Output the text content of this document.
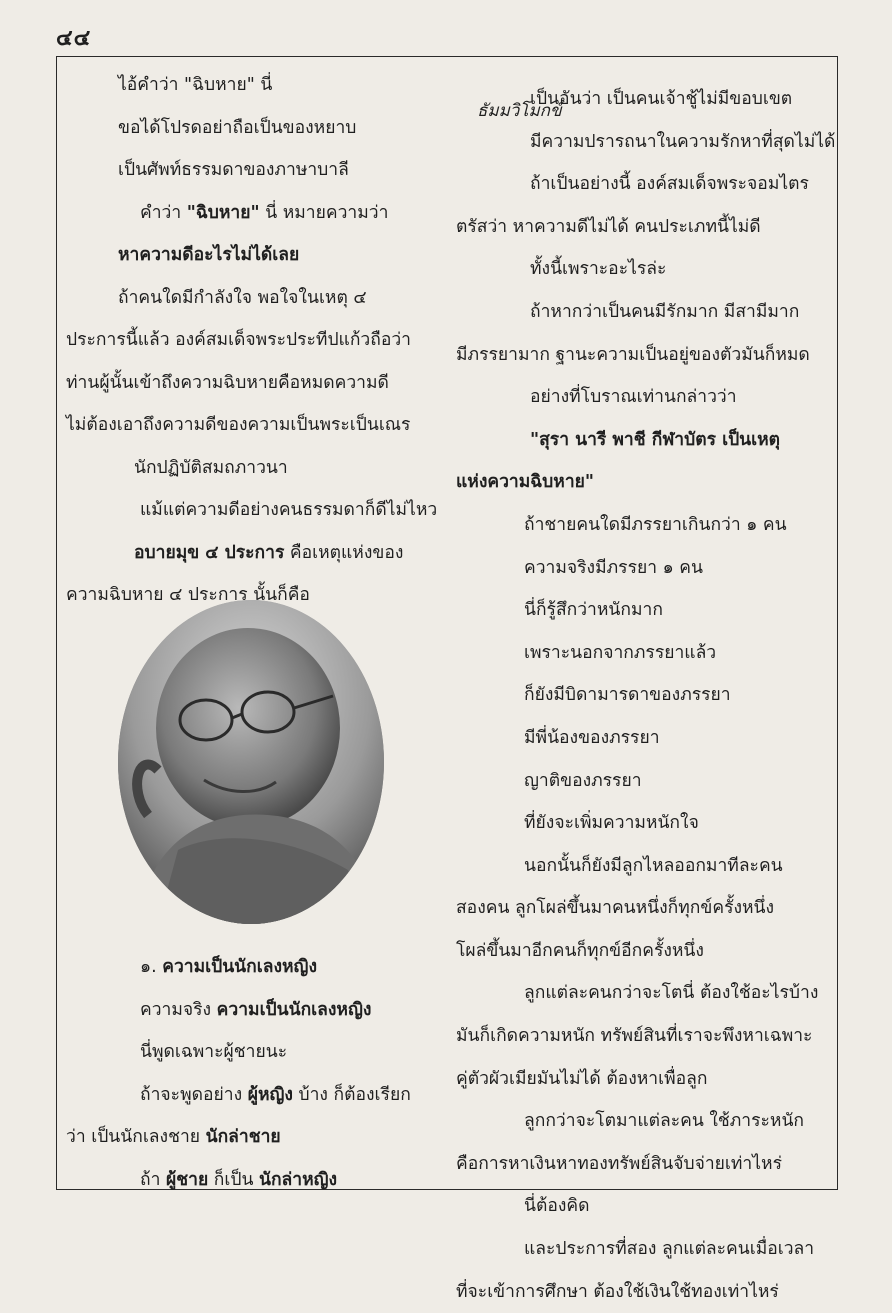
๔๔
ธัมมวิโมกข์
ไอ้คำว่า "ฉิบหาย" นี่
ขอได้โปรดอย่าถือเป็นของหยาบ
เป็นศัพท์ธรรมดาของภาษาบาลี
คำว่า "ฉิบหาย" นี่ หมายความว่า
หาความดีอะไรไม่ได้เลย
ถ้าคนใดมีกำลังใจ พอใจในเหตุ ๔
ประการนี้แล้ว องค์สมเด็จพระประทีปแก้วถือว่า
ท่านผู้นั้นเข้าถึงความฉิบหายคือหมดความดี
ไม่ต้องเอาถึงความดีของความเป็นพระเป็นเณร
นักปฏิบัติสมถภาวนา
แม้แต่ความดีอย่างคนธรรมดาก็ดีไม่ไหว
อบายมุข ๔ ประการ คือเหตุแห่งของ
ความฉิบหาย ๔ ประการ นั้นก็คือ
๑. ความเป็นนักเลงหญิง
ความจริง ความเป็นนักเลงหญิง
นี่พูดเฉพาะผู้ชายนะ
ถ้าจะพูดอย่าง ผู้หญิง บ้าง ก็ต้องเรียก
ว่า เป็นนักเลงชาย นักล่าชาย
ถ้า ผู้ชาย ก็เป็น นักล่าหญิง
เป็นอันว่า เป็นคนเจ้าชู้ไม่มีขอบเขต
มีความปรารถนาในความรักหาที่สุดไม่ได้
ถ้าเป็นอย่างนี้ องค์สมเด็จพระจอมไตร
ตรัสว่า หาความดีไม่ได้ คนประเภทนี้ไม่ดี
ทั้งนี้เพราะอะไรล่ะ
ถ้าหากว่าเป็นคนมีรักมาก มีสามีมาก
มีภรรยามาก ฐานะความเป็นอยู่ของตัวมันก็หมด
อย่างที่โบราณเท่านกล่าวว่า
"สุรา นารี พาชี กีฬาบัตร เป็นเหตุ
แห่งความฉิบหาย"
ถ้าชายคนใดมีภรรยาเกินกว่า ๑ คน
ความจริงมีภรรยา ๑ คน
นี่ก็รู้สึกว่าหนักมาก
เพราะนอกจากภรรยาแล้ว
ก็ยังมีบิดามารดาของภรรยา
มีพี่น้องของภรรยา
ญาติของภรรยา
ที่ยังจะเพิ่มความหนักใจ
นอกนั้นก็ยังมีลูกไหลออกมาทีละคน
สองคน ลูกโผล่ขึ้นมาคนหนึ่งก็ทุกข์ครั้งหนึ่ง
โผล่ขึ้นมาอีกคนก็ทุกข์อีกครั้งหนึ่ง
ลูกแต่ละคนกว่าจะโตนี่ ต้องใช้อะไรบ้าง
มันก็เกิดความหนัก ทรัพย์สินที่เราจะพึงหาเฉพาะ
คู่ตัวผัวเมียมันไม่ได้ ต้องหาเพื่อลูก
ลูกกว่าจะโตมาแต่ละคน ใช้ภาระหนัก
คือการหาเงินหาทองทรัพย์สินจับจ่ายเท่าไหร่
นี่ต้องคิด
และประการที่สอง ลูกแต่ละคนเมื่อเวลา
ที่จะเข้าการศึกษา ต้องใช้เงินใช้ทองเท่าไหร่
